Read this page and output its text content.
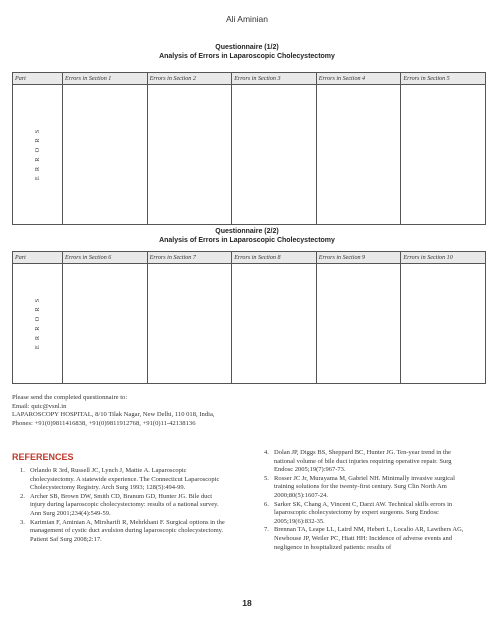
Ali Aminian
Questionnaire (1/2)
Analysis of Errors in Laparoscopic Cholecystectomy
Part	Errors in Section 1	Errors in Section 2	Errors in Section 3	Errors in Section 4	Errors in Section 5

E R R O R S					

Questionnaire (2/2)
Analysis of Errors in Laparoscopic Cholecystectomy
Part	Errors in Section 6	Errors in Section 7	Errors in Section 8	Errors in Section 9	Errors in Section 10

E R R O R S					

Please send the completed questionnaire to:
Email: quic@vsnl.in
LAPAROSCOPY HOSPITAL, 8/10 Tilak Nagar, New Delhi, 110 018, India,
Phones: +91(0)9811416838, +91(0)9811912768, +91(0)11-42138136
REFERENCES
1. Orlando R 3rd, Russell JC, Lynch J, Mattie A. Laparoscopic cholecystectomy. A statewide experience. The Connecticut Laparoscopic Cholecystectomy Registry. Arch Surg 1993; 128(5):494-99.
2. Archer SB, Brown DW, Smith CD, Branum GD, Hunter JG. Bile duct injury during laparoscopic cholecystectomy: results of a national survey. Ann Surg 2001;234(4):549-59.
3. Karimian F, Aminian A, Mirsharifi R, Mehrkhani F. Surgical options in the management of cystic duct avulsion during laparoscopic cholecystectomy. Patient Saf Surg 2008;2:17.
4. Dolan JP, Diggs BS, Sheppard BC, Hunter JG. Ten-year trend in the national volume of bile duct injuries requiring operative repair. Surg Endosc 2005;19(7):967-73.
5. Rosser JC Jr, Murayama M, Gabriel NH. Minimally invasive surgical training solutions for the twenty-first century. Surg Clin North Am 2000;80(5):1607-24.
6. Sarker SK, Chang A, Vincent C, Darzi AW. Technical skills errors in laparoscopic cholecystectomy by expert surgeons. Surg Endosc 2005;19(6):832-35.
7. Brennan TA, Leape LL, Laird NM, Hebert L, Localio AR, Lawthers AG, Newhouse JP, Weiler PC, Hiatt HH: Incidence of adverse events and negligence in hospitalized patients: results of
18
